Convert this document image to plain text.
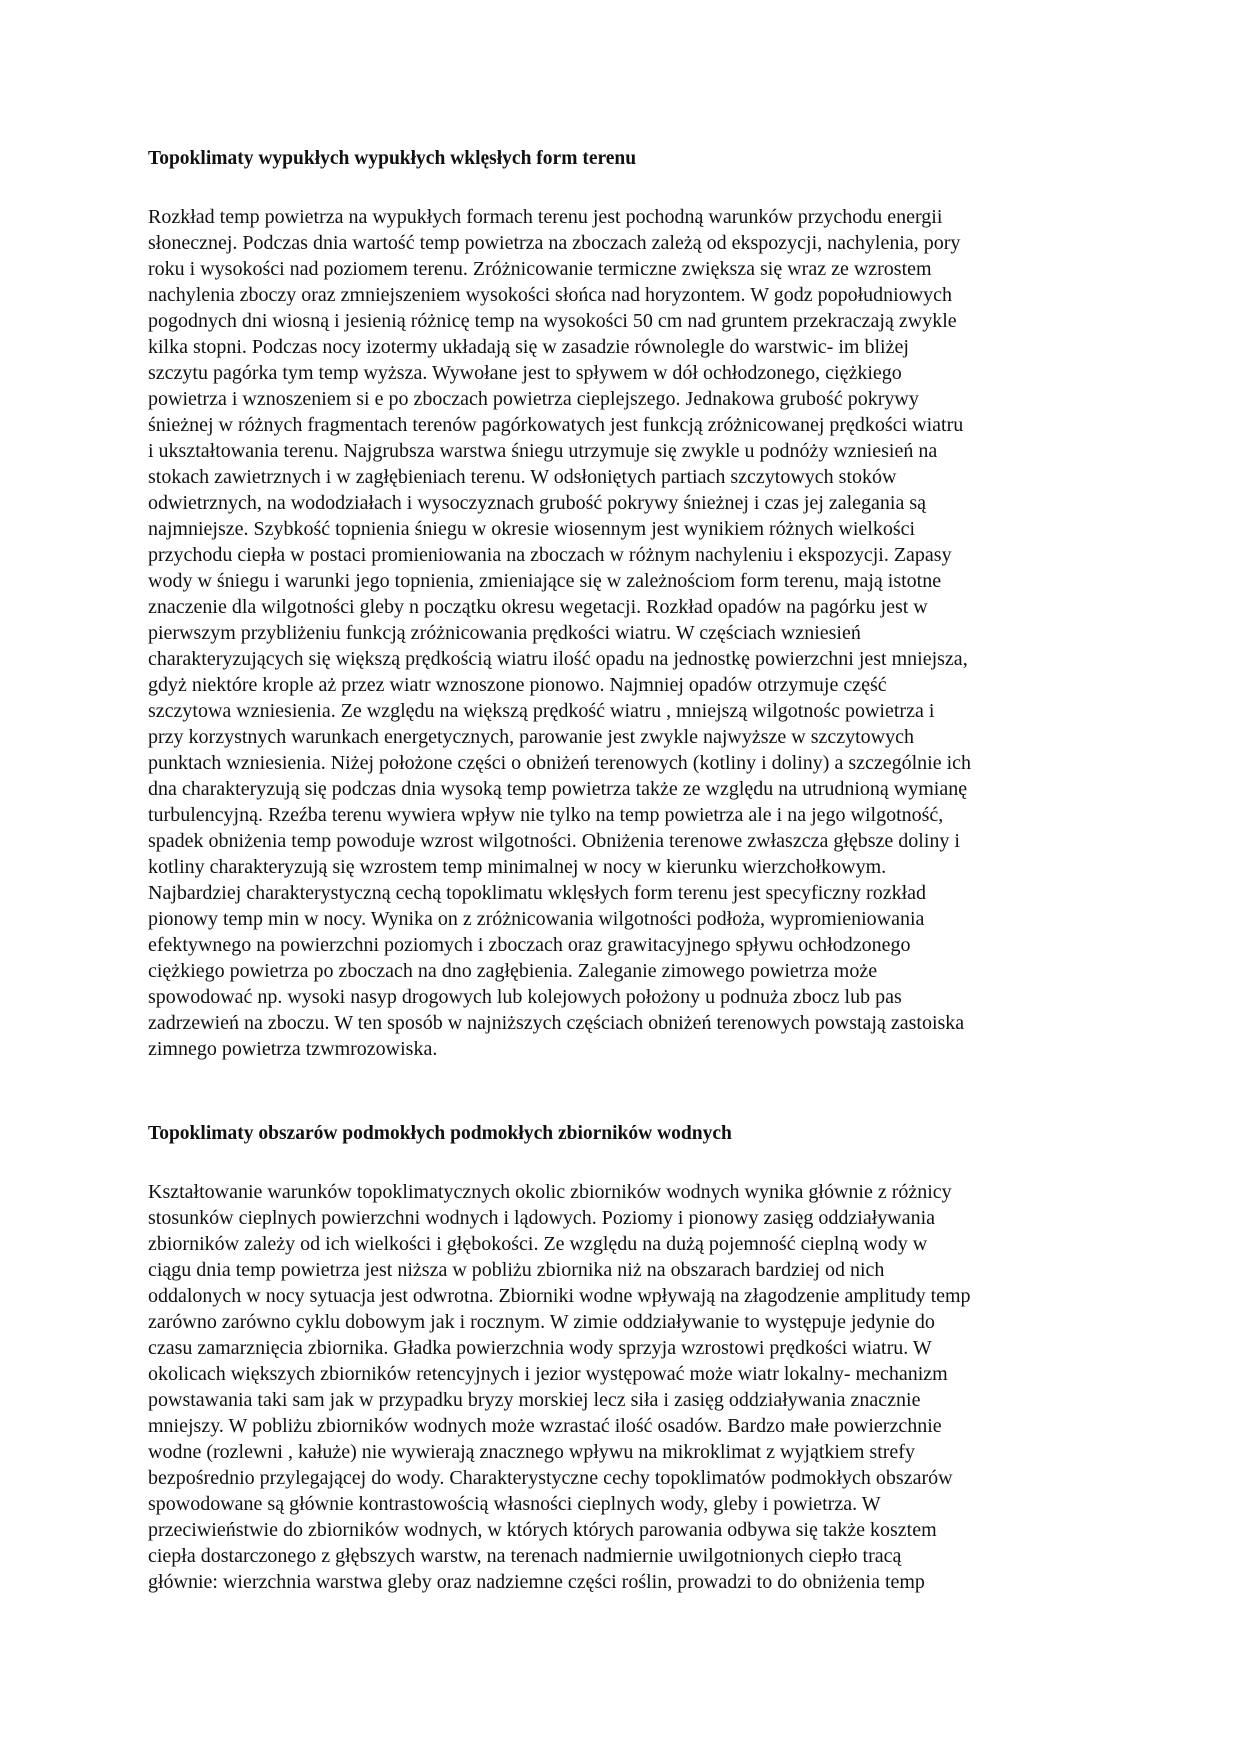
Topoklimaty wypukłych wypukłych wklęsłych form terenu

Rozkład temp powietrza na wypukłych formach terenu jest pochodną warunków przychodu energii
słonecznej. Podczas dnia wartość temp powietrza na zboczach zależą od ekspozycji, nachylenia, pory
roku i wysokości nad poziomem terenu. Zróżnicowanie termiczne zwiększa się wraz ze wzrostem
nachylenia zboczy oraz zmniejszeniem wysokości słońca nad horyzontem. W godz popołudniowych
pogodnych dni wiosną i jesienią różnicę temp na wysokości 50 cm nad gruntem przekraczają zwykle
kilka stopni. Podczas nocy izotermy układają się w zasadzie równolegle do warstwic- im bliżej
szczytu pagórka tym temp wyższa. Wywołane jest to spływem w dół ochłodzonego, ciężkiego
powietrza i wznoszeniem si e po zboczach powietrza cieplejszego. Jednakowa grubość pokrywy
śnieżnej w różnych fragmentach terenów pagórkowatych jest funkcją zróżnicowanej prędkości wiatru
i ukształtowania terenu. Najgrubsza warstwa śniegu utrzymuje się zwykle u podnóży wzniesień na
stokach zawietrznych i w zagłębieniach terenu. W odsłoniętych partiach szczytowych stoków
odwietrznych, na wododziałach i wysoczyznach grubość pokrywy śnieżnej i czas jej zalegania są
najmniejsze. Szybkość topnienia śniegu w okresie wiosennym jest wynikiem różnych wielkości
przychodu ciepła w postaci promieniowania na zboczach w różnym nachyleniu i ekspozycji. Zapasy
wody w śniegu i warunki jego topnienia, zmieniające się w zależnościom form terenu, mają istotne
znaczenie dla wilgotności gleby n początku okresu wegetacji. Rozkład opadów na pagórku jest w
pierwszym przybliżeniu funkcją zróżnicowania prędkości wiatru. W częściach wzniesień
charakteryzujących się większą prędkością wiatru ilość opadu na jednostkę powierzchni jest mniejsza,
gdyż niektóre krople aż przez wiatr wznoszone pionowo. Najmniej opadów otrzymuje część
szczytowa wzniesienia. Ze względu na większą prędkość wiatru , mniejszą wilgotnośc powietrza i
przy korzystnych warunkach energetycznych, parowanie jest zwykle najwyższe w szczytowych
punktach wzniesienia. Niżej położone części o obniżeń terenowych (kotliny i doliny) a szczególnie ich
dna charakteryzują się podczas dnia wysoką temp powietrza także ze względu na utrudnioną wymianę
turbulencyjną. Rzeźba terenu wywiera wpływ nie tylko na temp powietrza ale i na jego wilgotność,
spadek obniżenia temp powoduje wzrost wilgotności. Obniżenia terenowe zwłaszcza głębsze doliny i
kotliny charakteryzują się wzrostem temp minimalnej w nocy w kierunku wierzchołkowym.
Najbardziej charakterystyczną cechą topoklimatu wklęsłych form terenu jest specyficzny rozkład
pionowy temp min w nocy. Wynika on z zróżnicowania wilgotności podłoża, wypromieniowania
efektywnego na powierzchni poziomych i zboczach oraz grawitacyjnego spływu ochłodzonego
ciężkiego powietrza po zboczach na dno zagłębienia. Zaleganie zimowego powietrza może
spowodować np. wysoki nasyp drogowych lub kolejowych położony u podnuża zbocz lub pas
zadrzewień na zboczu. W ten sposób w najniższych częściach obniżeń terenowych powstają zastoiska
zimnego powietrza tzwmrozowiska.

Topoklimaty obszarów podmokłych podmokłych zbiorników wodnych

Kształtowanie warunków topoklimatycznych okolic zbiorników wodnych wynika głównie z różnicy
stosunków cieplnych powierzchni wodnych i lądowych. Poziomy i pionowy zasięg oddziaływania
zbiorników zależy od ich wielkości i głębokości. Ze względu na dużą pojemność cieplną wody w
ciągu dnia temp powietrza jest niższa w pobliżu zbiornika niż na obszarach bardziej od nich
oddalonych w nocy sytuacja jest odwrotna. Zbiorniki wodne wpływają na złagodzenie amplitudy temp
zarówno zarówno cyklu dobowym jak i rocznym. W zimie oddziaływanie to występuje jedynie do
czasu zamarznięcia zbiornika. Gładka powierzchnia wody sprzyja wzrostowi prędkości wiatru. W
okolicach większych zbiorników retencyjnych i jezior występować może wiatr lokalny- mechanizm
powstawania taki sam jak w przypadku bryzy morskiej lecz siła i zasięg oddziaływania znacznie
mniejszy. W pobliżu zbiorników wodnych może wzrastać ilość osadów. Bardzo małe powierzchnie
wodne (rozlewni , kałuże) nie wywierają znacznego wpływu na mikroklimat z wyjątkiem strefy
bezpośrednio przylegającej do wody. Charakterystyczne cechy topoklimatów podmokłych obszarów
spowodowane są głównie kontrastowością własności cieplnych wody, gleby i powietrza. W
przeciwieństwie do zbiorników wodnych, w których których parowania odbywa się także kosztem
ciepła dostarczonego z głębszych warstw, na terenach nadmiernie uwilgotnionych ciepło tracą
głównie: wierzchnia warstwa gleby oraz nadziemne części roślin, prowadzi to do obniżenia temp
